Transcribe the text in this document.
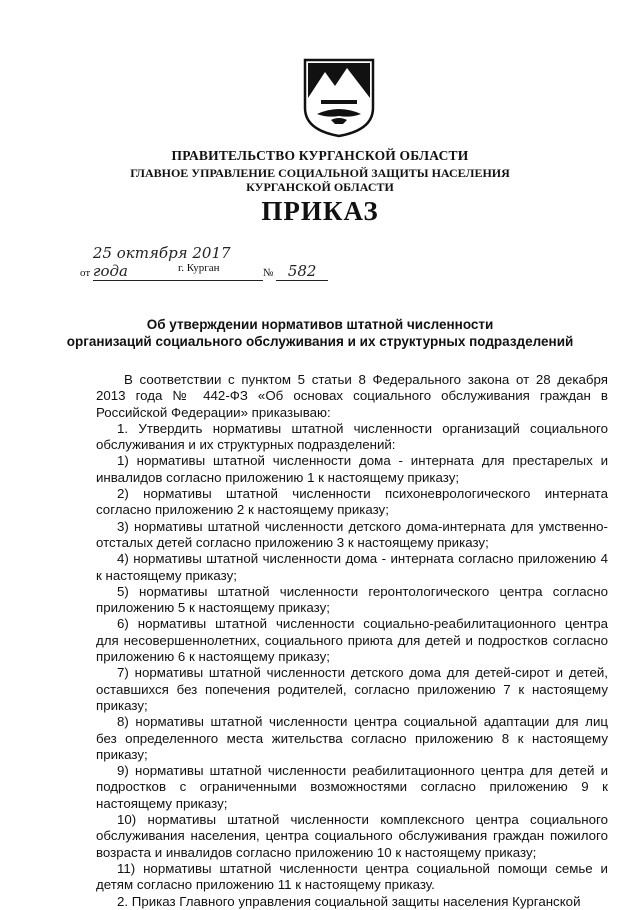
ПРАВИТЕЛЬСТВО КУРГАНСКОЙ ОБЛАСТИ
ГЛАВНОЕ УПРАВЛЕНИЕ СОЦИАЛЬНОЙ ЗАЩИТЫ НАСЕЛЕНИЯ
КУРГАНСКОЙ ОБЛАСТИ
ПРИКАЗ
от 25 октября 2017 года	№ 582
г. Курган
Об утверждении нормативов штатной численности
организаций социального обслуживания и их структурных подразделений

В соответствии с пунктом 5 статьи 8 Федерального закона от 28 декабря 2013 года № 442-ФЗ «Об основах социального обслуживания граждан в Российской Федерации» приказываю:

1. Утвердить нормативы штатной численности организаций социального обслуживания и их структурных подразделений:

1) нормативы штатной численности дома - интерната для престарелых и инвалидов согласно приложению 1 к настоящему приказу;

2) нормативы штатной численности психоневрологического интерната согласно приложению 2 к настоящему приказу;

3) нормативы штатной численности детского дома-интерната для умственно-отсталых детей согласно приложению 3 к настоящему приказу;

4) нормативы штатной численности дома - интерната согласно приложению 4 к настоящему приказу;

5) нормативы штатной численности геронтологического центра согласно приложению 5 к настоящему приказу;

6) нормативы штатной численности социально-реабилитационного центра для несовершеннолетних, социального приюта для детей и подростков согласно приложению 6 к настоящему приказу;

7) нормативы штатной численности детского дома для детей-сирот и детей, оставшихся без попечения родителей, согласно приложению 7 к настоящему приказу;

8) нормативы штатной численности центра социальной адаптации для лиц без определенного места жительства согласно приложению 8 к настоящему приказу;

9) нормативы штатной численности реабилитационного центра для детей и подростков с ограниченными возможностями согласно приложению 9 к настоящему приказу;

10) нормативы штатной численности комплексного центра социального обслуживания населения, центра социального обслуживания граждан пожилого возраста и инвалидов согласно приложению 10 к настоящему приказу;

11) нормативы штатной численности центра социальной помощи семье и детям согласно приложению 11 к настоящему приказу.

2. Приказ Главного управления социальной защиты населения Курганской
